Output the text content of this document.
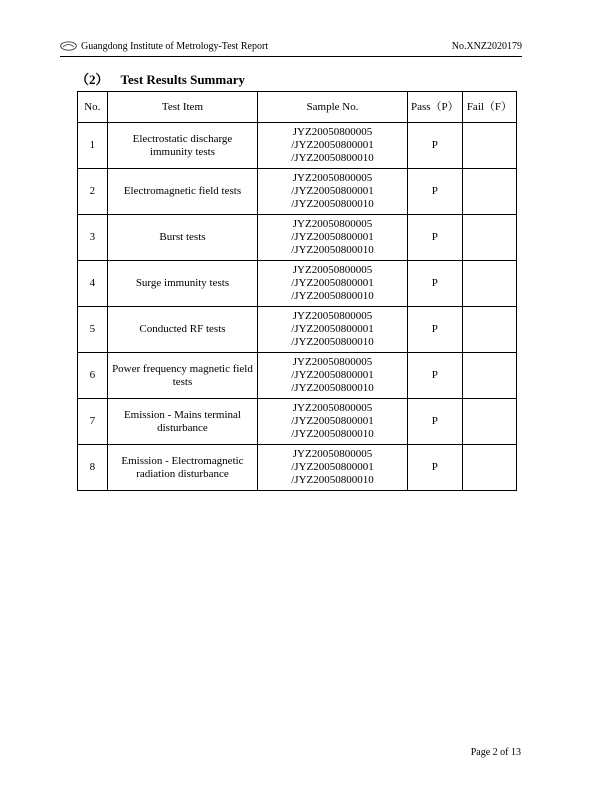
Guangdong Institute of Metrology-Test Report	No.XNZ2020179
（2） Test Results Summary
No.	Test Item	Sample No.	Pass（P）	Fail（F）
1	Electrostatic discharge immunity tests	JYZ20050800005
/JYZ20050800001
/JYZ20050800010	P	
2	Electromagnetic field tests	JYZ20050800005
/JYZ20050800001
/JYZ20050800010	P	
3	Burst tests	JYZ20050800005
/JYZ20050800001
/JYZ20050800010	P	
4	Surge immunity tests	JYZ20050800005
/JYZ20050800001
/JYZ20050800010	P	
5	Conducted RF tests	JYZ20050800005
/JYZ20050800001
/JYZ20050800010	P	
6	Power frequency magnetic field tests	JYZ20050800005
/JYZ20050800001
/JYZ20050800010	P	
7	Emission - Mains terminal disturbance	JYZ20050800005
/JYZ20050800001
/JYZ20050800010	P	
8	Emission - Electromagnetic radiation disturbance	JYZ20050800005
/JYZ20050800001
/JYZ20050800010	P	
Page 2 of 13
